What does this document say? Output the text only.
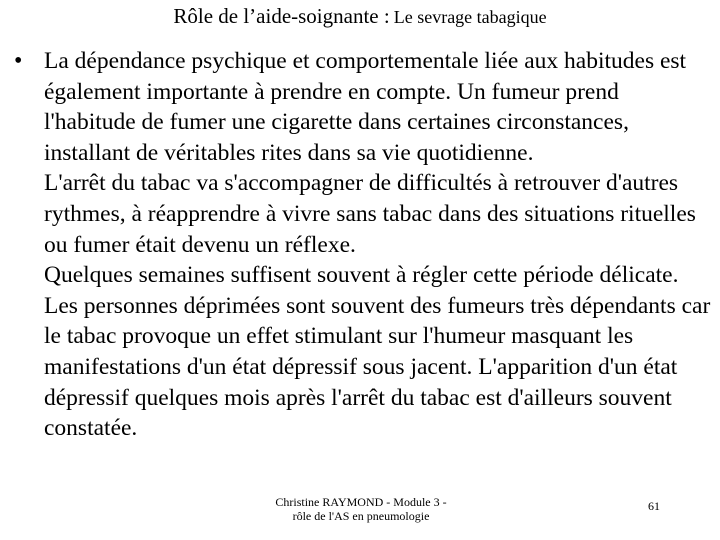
Rôle de l’aide-soignante : Le sevrage tabagique
• La dépendance psychique et comportementale liée aux habitudes est également importante à prendre en compte. Un fumeur prend l'habitude de fumer une cigarette dans certaines circonstances, installant de véritables rites dans sa vie quotidienne.

L'arrêt du tabac va s'accompagner de difficultés à retrouver d'autres rythmes, à réapprendre à vivre sans tabac dans des situations rituelles ou fumer était devenu un réflexe.

Quelques semaines suffisent souvent à régler cette période délicate.

Les personnes déprimées sont souvent des fumeurs très dépendants car le tabac provoque un effet stimulant sur l'humeur masquant les manifestations d'un état dépressif sous jacent. L'apparition d'un état dépressif quelques mois après l'arrêt du tabac est d'ailleurs souvent constatée.

Christine RAYMOND - Module 3 -
rôle de l'AS en pneumologie
61
